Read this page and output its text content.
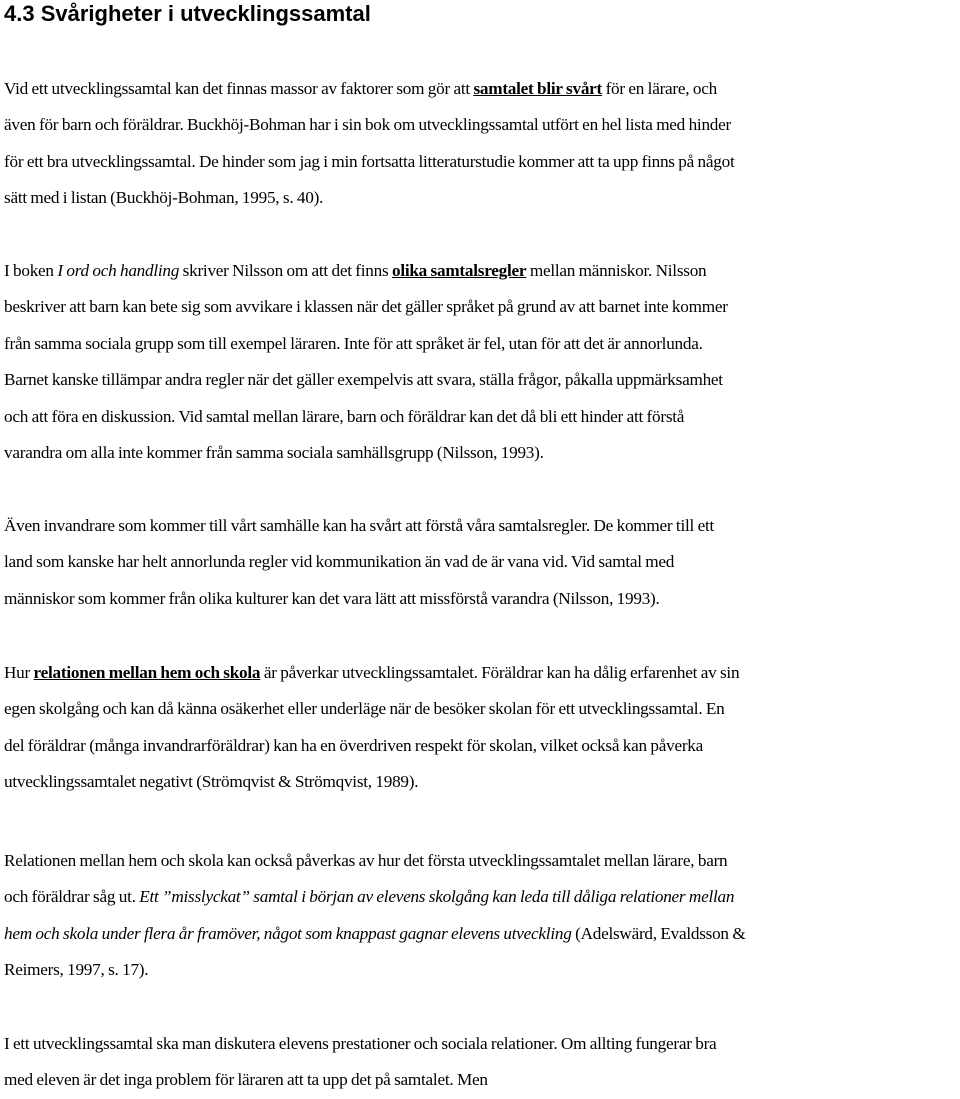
4.3 Svårigheter i utvecklingssamtal

Vid ett utvecklingssamtal kan det finnas massor av faktorer som gör att samtalet blir svårt för en lärare, och
även för barn och föräldrar. Buckhöj-Bohman har i sin bok om utvecklingssamtal utfört en hel lista med hinder
för ett bra utvecklingssamtal. De hinder som jag i min fortsatta litteraturstudie kommer att ta upp finns på något
sätt med i listan (Buckhöj-Bohman, 1995, s. 40).

I boken I ord och handling skriver Nilsson om att det finns olika samtalsregler mellan människor. Nilsson
beskriver att barn kan bete sig som avvikare i klassen när det gäller språket på grund av att barnet inte kommer
från samma sociala grupp som till exempel läraren. Inte för att språket är fel, utan för att det är annorlunda.
Barnet kanske tillämpar andra regler när det gäller exempelvis att svara, ställa frågor, påkalla uppmärksamhet
och att föra en diskussion. Vid samtal mellan lärare, barn och föräldrar kan det då bli ett hinder att förstå
varandra om alla inte kommer från samma sociala samhällsgrupp (Nilsson, 1993).

Även invandrare som kommer till vårt samhälle kan ha svårt att förstå våra samtalsregler. De kommer till ett
land som kanske har helt annorlunda regler vid kommunikation än vad de är vana vid. Vid samtal med
människor som kommer från olika kulturer kan det vara lätt att missförstå varandra (Nilsson, 1993).

Hur relationen mellan hem och skola är påverkar utvecklingssamtalet. Föräldrar kan ha dålig erfarenhet av sin
egen skolgång och kan då känna osäkerhet eller underläge när de besöker skolan för ett utvecklingssamtal. En
del föräldrar (många invandrarföräldrar) kan ha en överdriven respekt för skolan, vilket också kan påverka
utvecklingssamtalet negativt (Strömqvist & Strömqvist, 1989).

Relationen mellan hem och skola kan också påverkas av hur det första utvecklingssamtalet mellan lärare, barn
och föräldrar såg ut. Ett ”misslyckat” samtal i början av elevens skolgång kan leda till dåliga relationer mellan
hem och skola under flera år framöver, något som knappast gagnar elevens utveckling (Adelswärd, Evaldsson &
Reimers, 1997, s. 17).

I ett utvecklingssamtal ska man diskutera elevens prestationer och sociala relationer. Om allting fungerar bra
med eleven är det inga problem för läraren att ta upp det på samtalet. Men
